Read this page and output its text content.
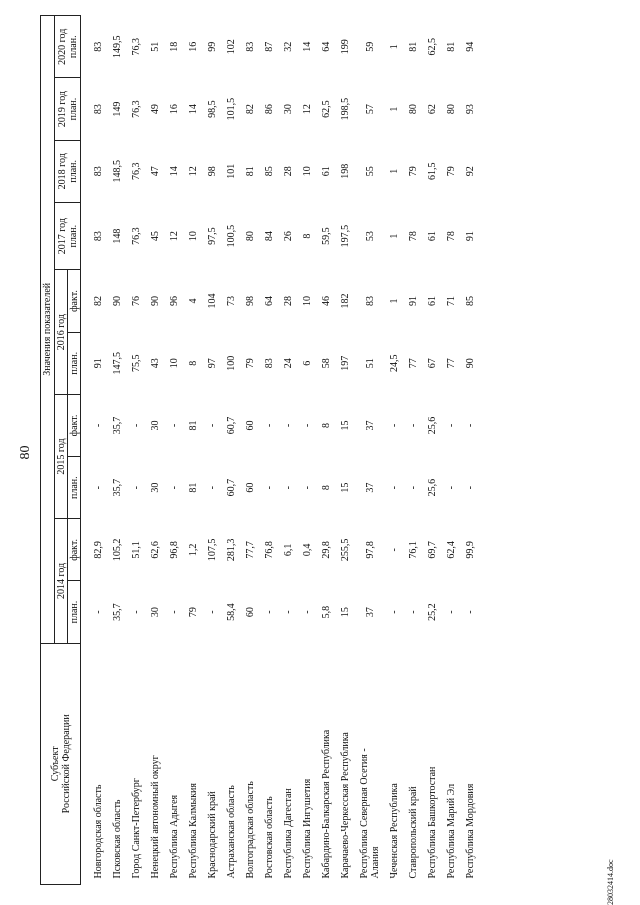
80
Субъект Российской Федерации	Значения показателей									
	2014 год		2015 год		2016 год		2017 год план.	2018 год план.	2019 год план.	2020 год план.

	план.	факт.	план.	факт.	план.	факт.				

Новгородская область	-	82,9	-	-	91	82	83	83	83	83

Псковская область	35,7	105,2	35,7	35,7	147,5	90	148	148,5	149	149,5

Город Санкт-Петербург	-	51,1	-	-	75,5	76	76,3	76,3	76,3	76,3

Ненецкий автономный округ	30	62,6	30	30	43	90	45	47	49	51

Республика Адыгея	-	96,8	-	-	10	96	12	14	16	18

Республика Калмыкия	79	1,2	81	81	8	4	10	12	14	16

Краснодарский край	-	107,5	-	-	97	104	97,5	98	98,5	99

Астраханская область	58,4	281,3	60,7	60,7	100	73	100,5	101	101,5	102

Волгоградская область	60	77,7	60	60	79	98	80	81	82	83

Ростовская область	-	76,8	-	-	83	64	84	85	86	87

Республика Дагестан	-	6,1	-	-	24	28	26	28	30	32

Республика Ингушетия	-	0,4	-	-	6	10	8	10	12	14

Кабардино-Балкарская Республика	5,8	29,8	8	8	58	46	59,5	61	62,5	64

Карачаево-Черкесская Республика	15	255,5	15	15	197	182	197,5	198	198,5	199

Республика Северная Осетия - Алания	37	97,8	37	37	51	83	53	55	57	59

Чеченская Республика	-	-	-	-	24,5	1	1	1	1	1

Ставропольский край	-	76,1	-	-	77	91	78	79	80	81

Республика Башкортостан	25,2	69,7	25,6	25,6	67	61	61	61,5	62	62,5

Республика Марий Эл	-	62,4	-	-	77	71	78	79	80	81

Республика Мордовия	-	99,9	-	-	90	85	91	92	93	94
28032414.doc
